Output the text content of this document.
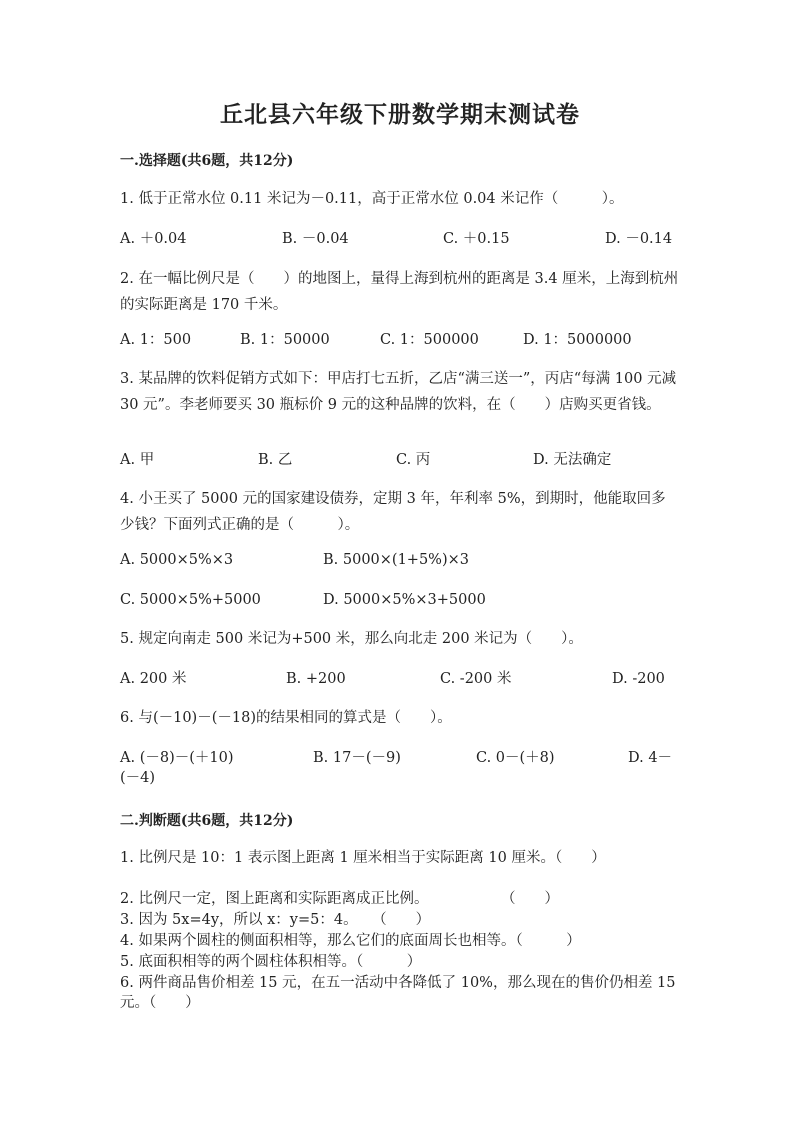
丘北县六年级下册数学期末测试卷
一.选择题(共6题，共12分)
1. 低于正常水位 0.11 米记为－0.11，高于正常水位 0.04 米记作（　　　）。
A. ＋0.04	B. －0.04	C. ＋0.15	D. －0.14
2. 在一幅比例尺是（　　）的地图上，量得上海到杭州的距离是 3.4 厘米，上海到杭州的实际距离是 170 千米。
A. 1：500	B. 1：50000	C. 1：500000	D. 1：5000000
3. 某品牌的饮料促销方式如下：甲店打七五折，乙店“满三送一”，丙店“每满 100 元减 30 元”。李老师要买 30 瓶标价 9 元的这种品牌的饮料，在（　　）店购买更省钱。
A. 甲	B. 乙	C. 丙	D. 无法确定
4. 小王买了 5000 元的国家建设债券，定期 3 年，年利率 5%，到期时，他能取回多少钱？下面列式正确的是（　　　）。
A. 5000×5%×3	B. 5000×(1+5%)×3
C. 5000×5%+5000	D. 5000×5%×3+5000
5. 规定向南走 500 米记为+500 米，那么向北走 200 米记为（　　）。
A. 200 米	B. +200	C. -200 米	D. -200
6. 与(－10)－(－18)的结果相同的算式是（　　）。
A. (－8)－(＋10)	B. 17－(－9)	C. 0－(＋8)	D. 4－
(－4)
二.判断题(共6题，共12分)
1. 比例尺是 10：1 表示图上距离 1 厘米相当于实际距离 10 厘米。（　　）
2. 比例尺一定，图上距离和实际距离成正比例。　　　　　　（　　）
3. 因为 5x=4y，所以 x：y=5：4。　　（　　）
4. 如果两个圆柱的侧面积相等，那么它们的底面周长也相等。（　　　）
5. 底面积相等的两个圆柱体积相等。（　　　）
6. 两件商品售价相差 15 元，在五一活动中各降低了 10%，那么现在的售价仍相差 15 元。（　　）
